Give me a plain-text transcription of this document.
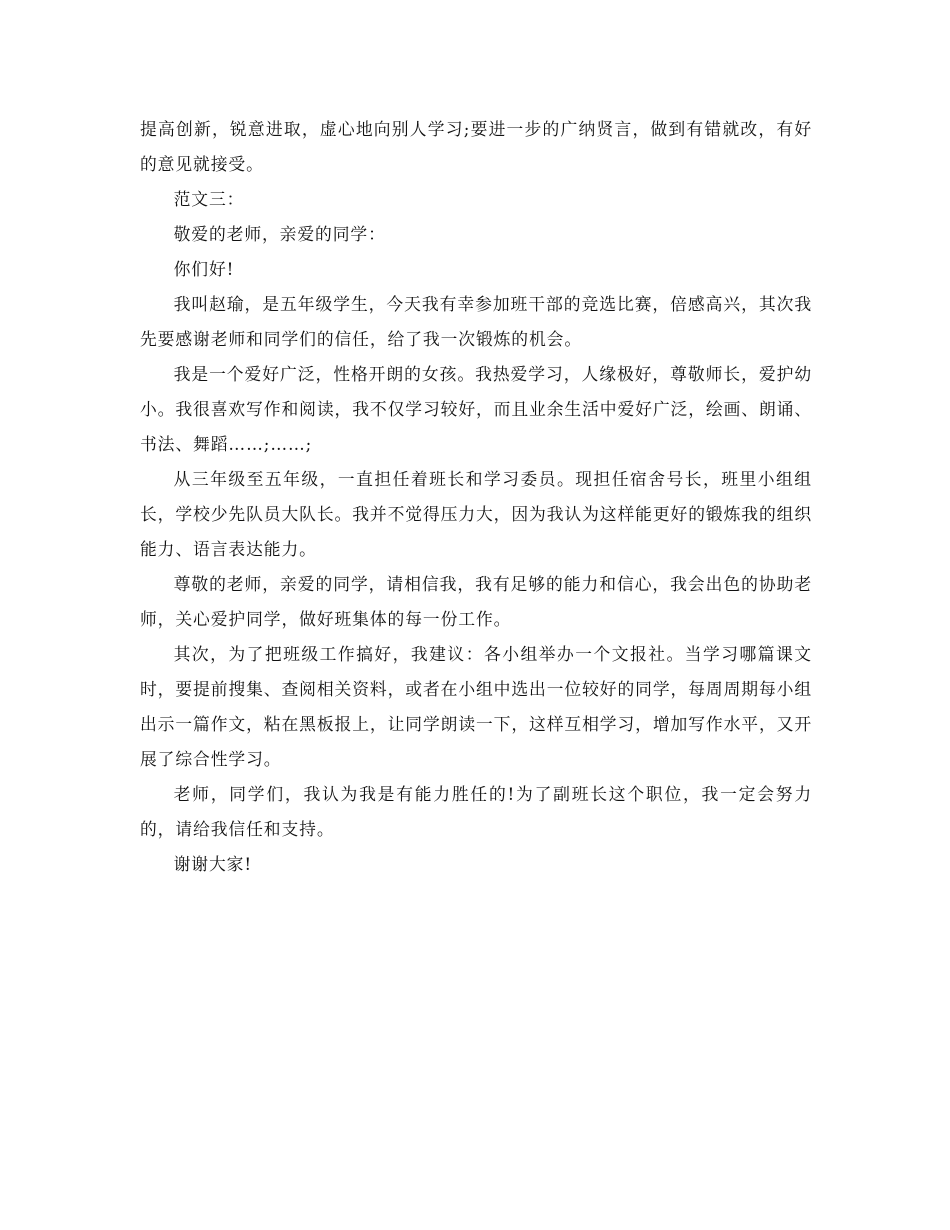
提高创新，锐意进取，虚心地向别人学习;要进一步的广纳贤言，做到有错就改，有好的意见就接受。

范文三：

敬爱的老师，亲爱的同学：

你们好!

我叫赵瑜，是五年级学生，今天我有幸参加班干部的竞选比赛，倍感高兴，其次我先要感谢老师和同学们的信任，给了我一次锻炼的机会。

我是一个爱好广泛，性格开朗的女孩。我热爱学习，人缘极好，尊敬师长，爱护幼小。我很喜欢写作和阅读，我不仅学习较好，而且业余生活中爱好广泛，绘画、朗诵、书法、舞蹈……;……;

从三年级至五年级，一直担任着班长和学习委员。现担任宿舍号长，班里小组组长，学校少先队员大队长。我并不觉得压力大，因为我认为这样能更好的锻炼我的组织能力、语言表达能力。

尊敬的老师，亲爱的同学，请相信我，我有足够的能力和信心，我会出色的协助老师，关心爱护同学，做好班集体的每一份工作。

其次，为了把班级工作搞好，我建议：各小组举办一个文报社。当学习哪篇课文时，要提前搜集、查阅相关资料，或者在小组中选出一位较好的同学，每周周期每小组出示一篇作文，粘在黑板报上，让同学朗读一下，这样互相学习，增加写作水平，又开展了综合性学习。

老师，同学们，我认为我是有能力胜任的!为了副班长这个职位，我一定会努力的，请给我信任和支持。

谢谢大家!
